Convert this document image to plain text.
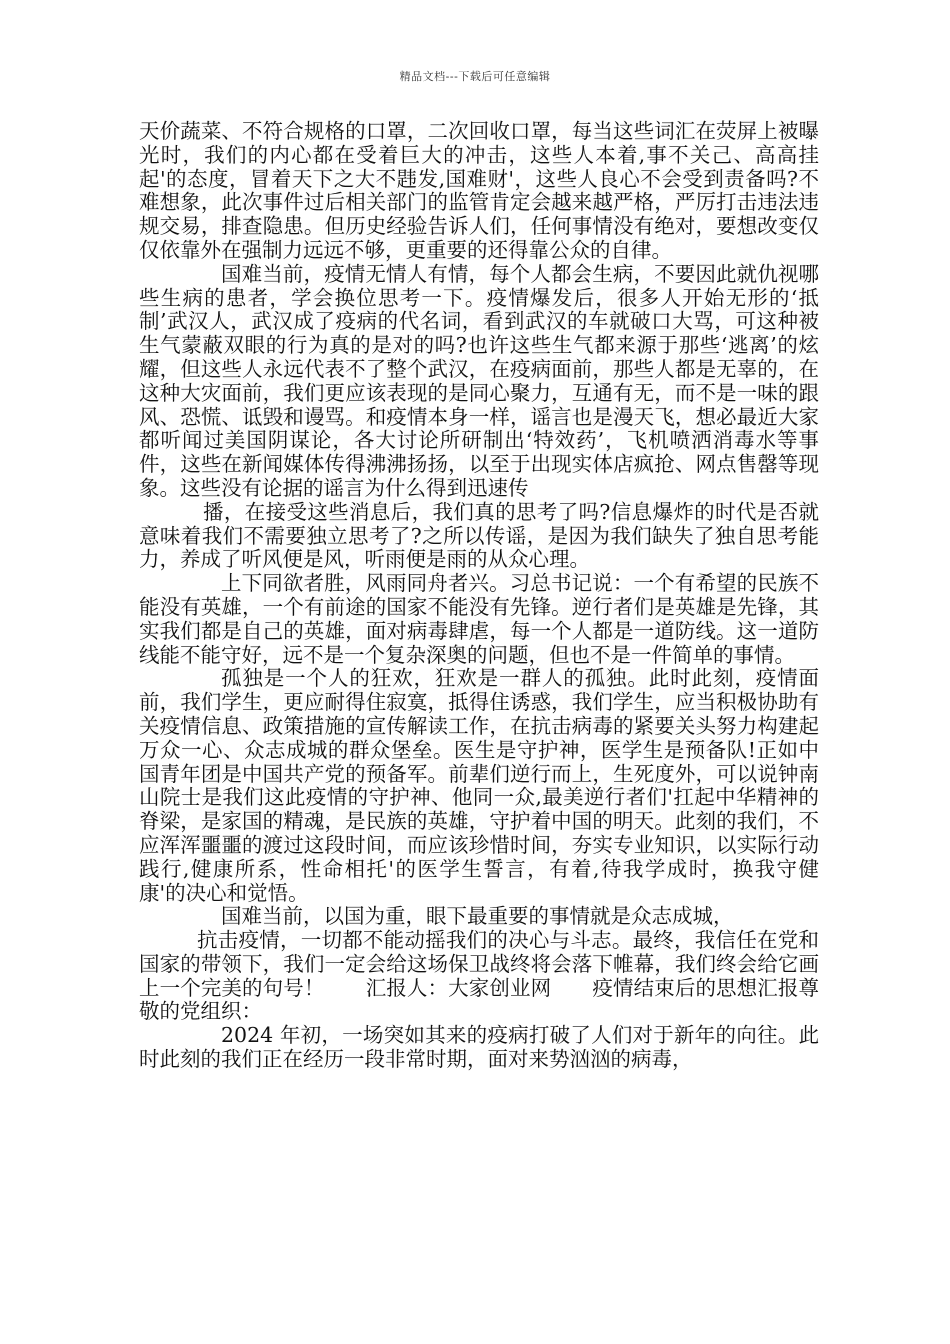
精品文档---下载后可任意编辑

天价蔬菜、不符合规格的口罩，二次回收口罩，每当这些词汇在荧屏上被曝光时，我们的内心都在受着巨大的冲击，这些人本着,事不关己、高高挂起'的态度，冒着天下之大不韪发,国难财'，这些人良心不会受到责备吗?不难想象，此次事件过后相关部门的监管肯定会越来越严格，严厉打击违法违规交易，排查隐患。但历史经验告诉人们，任何事情没有绝对，要想改变仅仅依靠外在强制力远远不够，更重要的还得靠公众的自律。

国难当前，疫情无情人有情，每个人都会生病，不要因此就仇视哪些生病的患者，学会换位思考一下。疫情爆发后，很多人开始无形的‘抵制’武汉人，武汉成了疫病的代名词，看到武汉的车就破口大骂，可这种被生气蒙蔽双眼的行为真的是对的吗?也许这些生气都来源于那些‘逃离’的炫耀，但这些人永远代表不了整个武汉，在疫病面前，那些人都是无辜的，在这种大灾面前，我们更应该表现的是同心聚力，互通有无，而不是一味的跟风、恐慌、诋毁和谩骂。和疫情本身一样，谣言也是漫天飞，想必最近大家都听闻过美国阴谋论，各大讨论所研制出‘特效药’，飞机喷洒消毒水等事件，这些在新闻媒体传得沸沸扬扬，以至于出现实体店疯抢、网点售罄等现象。这些没有论据的谣言为什么得到迅速传

播，在接受这些消息后，我们真的思考了吗?信息爆炸的时代是否就意味着我们不需要独立思考了?之所以传谣，是因为我们缺失了独自思考能力，养成了听风便是风，听雨便是雨的从众心理。

上下同欲者胜，风雨同舟者兴。习总书记说：一个有希望的民族不能没有英雄，一个有前途的国家不能没有先锋。逆行者们是英雄是先锋，其实我们都是自己的英雄，面对病毒肆虐，每一个人都是一道防线。这一道防线能不能守好，远不是一个复杂深奥的问题，但也不是一件简单的事情。

孤独是一个人的狂欢，狂欢是一群人的孤独。此时此刻，疫情面前，我们学生，更应耐得住寂寞，抵得住诱惑，我们学生，应当积极协助有关疫情信息、政策措施的宣传解读工作，在抗击病毒的紧要关头努力构建起万众一心、众志成城的群众堡垒。医生是守护神，医学生是预备队!正如中国青年团是中国共产党的预备军。前辈们逆行而上，生死度外，可以说钟南山院士是我们这此疫情的守护神、他同一众,最美逆行者们'扛起中华精神的脊梁，是家国的精魂，是民族的英雄，守护着中国的明天。此刻的我们，不应浑浑噩噩的渡过这段时间，而应该珍惜时间，夯实专业知识，以实际行动践行,健康所系，性命相托'的医学生誓言，有着,待我学成时，换我守健康'的决心和觉悟。

国难当前，以国为重，眼下最重要的事情就是众志成城，

抗击疫情，一切都不能动摇我们的决心与斗志。最终，我信任在党和国家的带领下，我们一定会给这场保卫战终将会落下帷幕，我们终会给它画上一个完美的句号！　　汇报人：大家创业网　　疫情结束后的思想汇报尊敬的党组织：

2024 年初，一场突如其来的疫病打破了人们对于新年的向往。此时此刻的我们正在经历一段非常时期，面对来势汹汹的病毒，
